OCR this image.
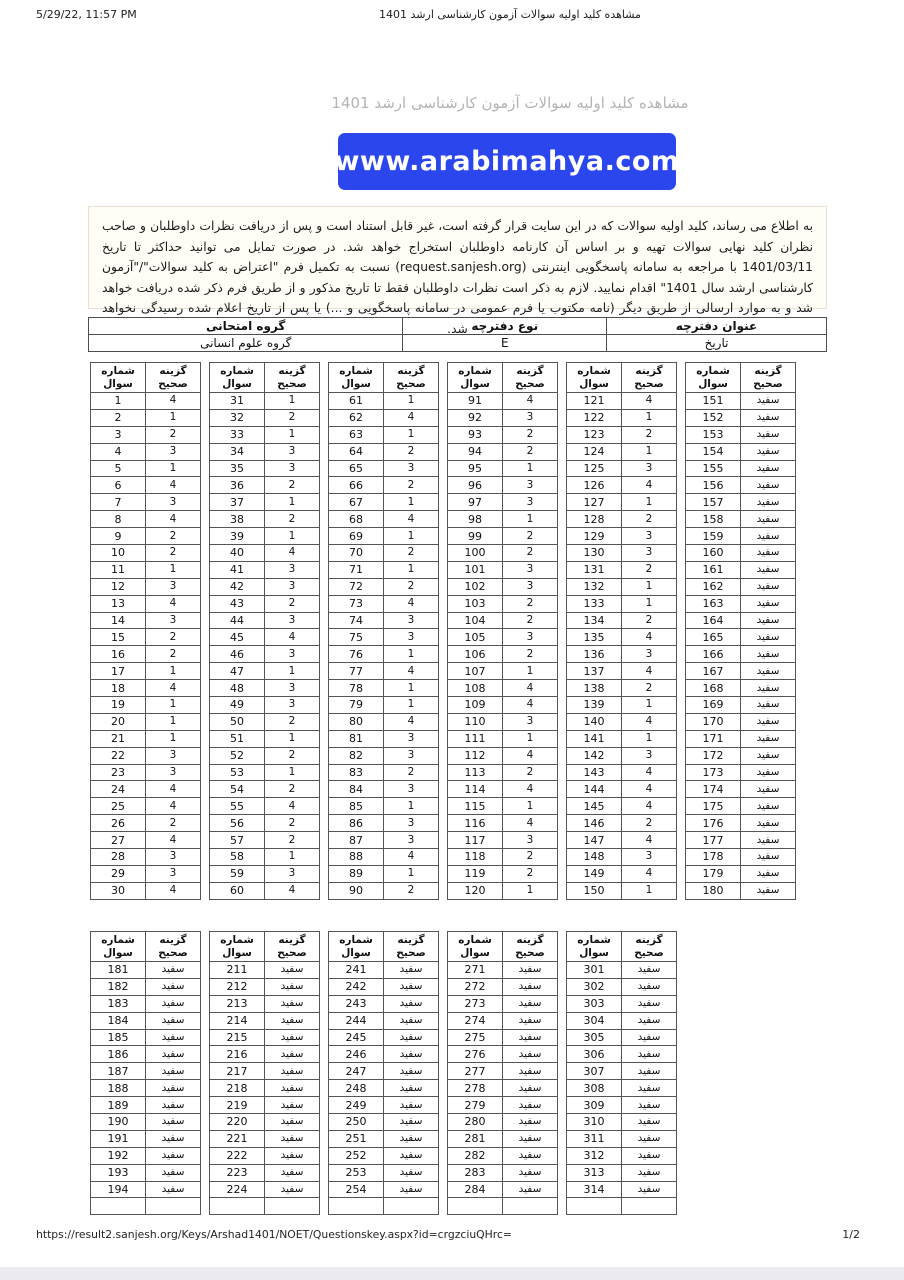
5/29/22, 11:57 PM	مشاهده کلید اولیه سوالات آزمون کارشناسی ارشد 1401
مشاهده کلید اولیه سوالات آزمون کارشناسی ارشد 1401
www.arabimahya.com
به اطلاع می رساند، کلید اولیه سوالات که در این سایت قرار گرفته است، غیر قابل استناد است و پس از دریافت نظرات داوطلبان و صاحب نظران کلید نهایی سوالات تهیه و بر اساس آن کارنامه داوطلبان استخراج خواهد شد. در صورت تمایل می توانید حداکثر تا تاریخ 1401/03/11 با مراجعه به سامانه پاسخگویی اینترنتی (request.sanjesh.org) نسبت به تکمیل فرم "اعتراض به کلید سوالات"/"آزمون کارشناسی ارشد سال 1401" اقدام نمایید. لازم به ذکر است نظرات داوطلبان فقط تا تاریخ مذکور و از طریق فرم ذکر شده دریافت خواهد شد و به موارد ارسالی از طریق دیگر (نامه مکتوب یا فرم عمومی در سامانه پاسخگویی و ...) یا پس از تاریخ اعلام شده رسیدگی نخواهد شد.	عنوان دفترچه	نوع دفترچه	گروه امتحانی
تاریخ	E	گروه علوم انسانی
شماره
سوال

گزینه
صحیح

1	4
2	1
3	2
4	3
5	1
6	4
7	3
8	4
9	2
10	2
11	1
12	3
13	4
14	3
15	2
16	2
17	1
18	4
19	1
20	1
21	1
22	3
23	3
24	4
25	4
26	2
27	4
28	3
29	3
30	4
شماره
سوال

گزینه
صحیح

31	1
32	2
33	1
34	3
35	3
36	2
37	1
38	2
39	1
40	4
41	3
42	3
43	2
44	3
45	4
46	3
47	1
48	3
49	3
50	2
51	1
52	2
53	1
54	2
55	4
56	2
57	2
58	1
59	3
60	4
شماره
سوال

گزینه
صحیح

61	1
62	4
63	1
64	2
65	3
66	2
67	1
68	4
69	1
70	2
71	1
72	2
73	4
74	3
75	3
76	1
77	4
78	1
79	1
80	4
81	3
82	3
83	2
84	3
85	1
86	3
87	3
88	4
89	1
90	2
شماره
سوال

گزینه
صحیح

91	4
92	3
93	2
94	2
95	1
96	3
97	3
98	1
99	2
100	2
101	3
102	3
103	2
104	2
105	3
106	2
107	1
108	4
109	4
110	3
111	1
112	4
113	2
114	4
115	1
116	4
117	3
118	2
119	2
120	1
شماره
سوال

گزینه
صحیح

121	4
122	1
123	2
124	1
125	3
126	4
127	1
128	2
129	3
130	3
131	2
132	1
133	1
134	2
135	4
136	3
137	4
138	2
139	1
140	4
141	1
142	3
143	4
144	4
145	4
146	2
147	4
148	3
149	4
150	1
شماره
سوال

گزینه
صحیح

151	سفید
152	سفید
153	سفید
154	سفید
155	سفید
156	سفید
157	سفید
158	سفید
159	سفید
160	سفید
161	سفید
162	سفید
163	سفید
164	سفید
165	سفید
166	سفید
167	سفید
168	سفید
169	سفید
170	سفید
171	سفید
172	سفید
173	سفید
174	سفید
175	سفید
176	سفید
177	سفید
178	سفید
179	سفید
180	سفید
شماره
سوال

گزینه
صحیح

181	سفید
182	سفید
183	سفید
184	سفید
185	سفید
186	سفید
187	سفید
188	سفید
189	سفید
190	سفید
191	سفید
192	سفید
193	سفید
194	سفید

شماره
سوال

گزینه
صحیح

211	سفید
212	سفید
213	سفید
214	سفید
215	سفید
216	سفید
217	سفید
218	سفید
219	سفید
220	سفید
221	سفید
222	سفید
223	سفید
224	سفید

شماره
سوال

گزینه
صحیح

241	سفید
242	سفید
243	سفید
244	سفید
245	سفید
246	سفید
247	سفید
248	سفید
249	سفید
250	سفید
251	سفید
252	سفید
253	سفید
254	سفید

شماره
سوال

گزینه
صحیح

271	سفید
272	سفید
273	سفید
274	سفید
275	سفید
276	سفید
277	سفید
278	سفید
279	سفید
280	سفید
281	سفید
282	سفید
283	سفید
284	سفید

شماره
سوال

گزینه
صحیح

301	سفید
302	سفید
303	سفید
304	سفید
305	سفید
306	سفید
307	سفید
308	سفید
309	سفید
310	سفید
311	سفید
312	سفید
313	سفید
314	سفید

https://result2.sanjesh.org/Keys/Arshad1401/NOET/Questionskey.aspx?id=crgzciuQHrc=	1/2
